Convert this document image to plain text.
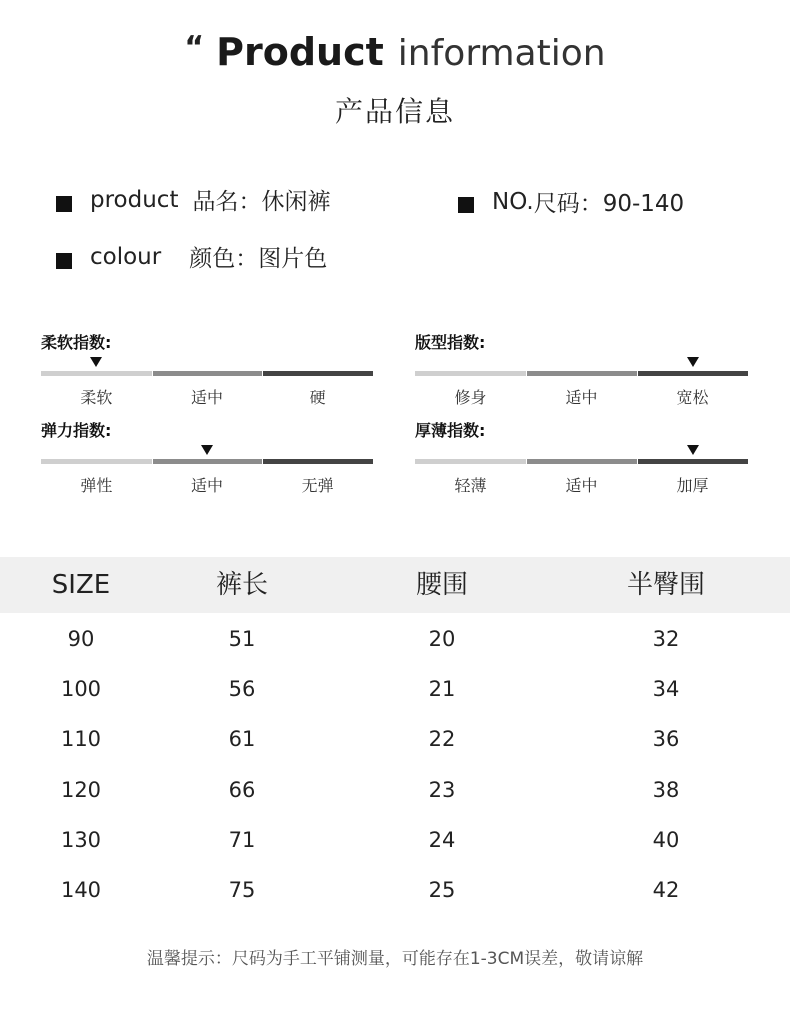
“ Product information
产品信息
product 品名：休闲裤	NO. 尺码：90-140
colour 颜色：图片色
柔软指数:
柔软	适中	硬
版型指数:
修身	适中	宽松
弹力指数:
弹性	适中	无弹
厚薄指数:
轻薄	适中	加厚
SIZE	裤长	腰围	半臀围
90	51	20	32
100	56	21	34
110	61	22	36
120	66	23	38
130	71	24	40
140	75	25	42
温馨提示：尺码为手工平铺测量，可能存在1-3CM误差，敬请谅解
